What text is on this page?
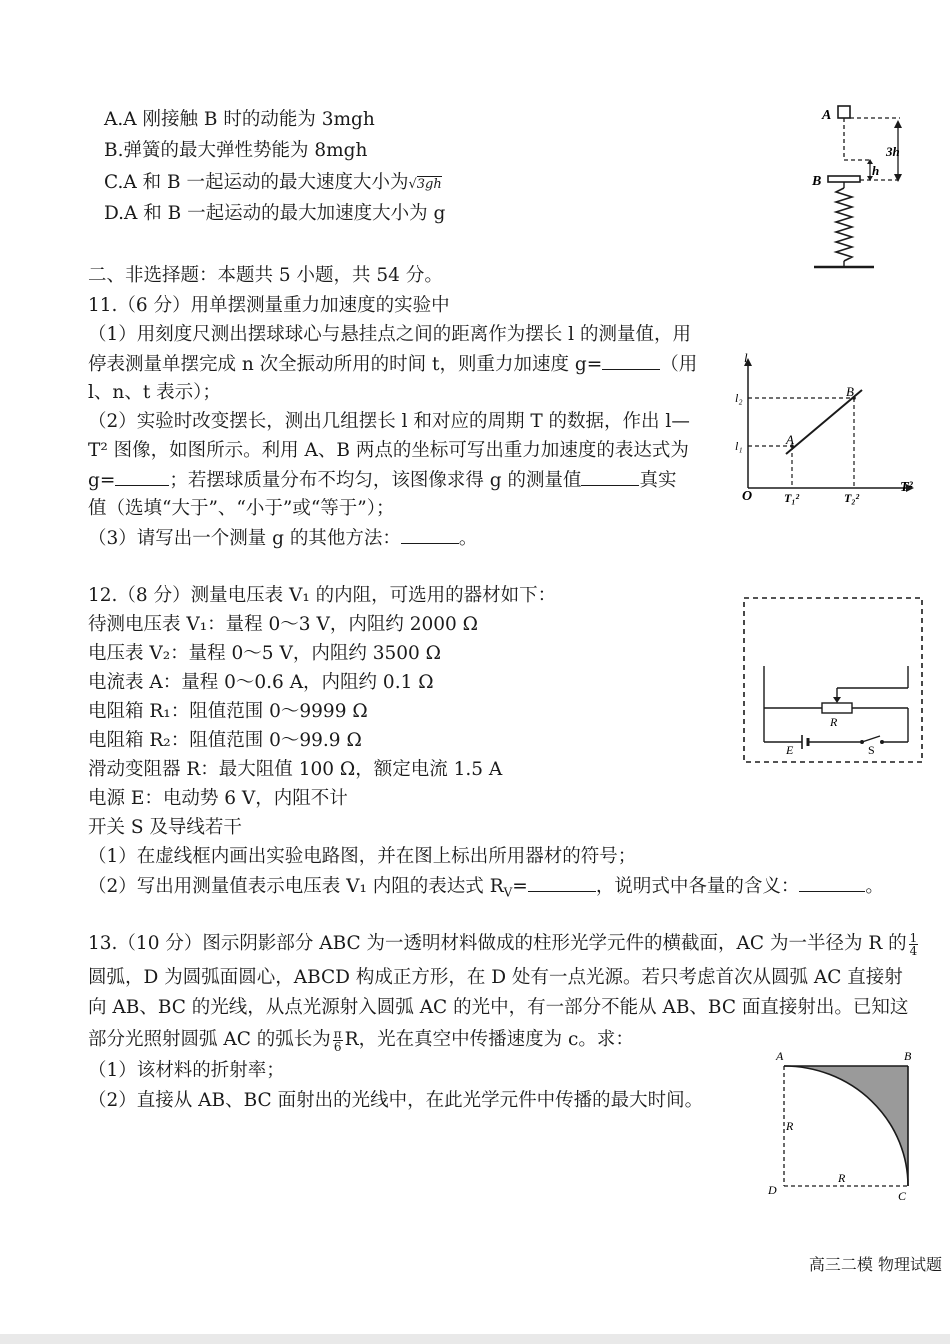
A.A 刚接触 B 时的动能为 3mgh
B.弹簧的最大弹性势能为 8mgh
C.A 和 B 一起运动的最大速度大小为√3gh
D.A 和 B 一起运动的最大加速度大小为 g
A
3h
h
B
二、非选择题：本题共 5 小题，共 54 分。
11.（6 分）用单摆测量重力加速度的实验中
（1）用刻度尺测出摆球球心与悬挂点之间的距离作为摆长 l 的测量值，用
停表测量单摆完成 n 次全振动所用的时间 t，则重力加速度 g=	（用
l、n、t 表示）；
（2）实验时改变摆长，测出几组摆长 l 和对应的周期 T 的数据，作出 l—
T² 图像，如图所示。利用 A、B 两点的坐标可写出重力加速度的表达式为
g=	；若摆球质量分布不均匀，该图像求得 g 的测量值	真实
值（选填“大于”、“小于”或“等于”）；
（3）请写出一个测量 g 的其他方法：	。
O
l
T²
A
B
l₂
l₁
T₁²	T₂²
12.（8 分）测量电压表 V₁ 的内阻，可选用的器材如下：
待测电压表 V₁：量程 0～3 V，内阻约 2000 Ω
电压表 V₂：量程 0～5 V，内阻约 3500 Ω
电流表 A：量程 0～0.6 A，内阻约 0.1 Ω
电阻箱 R₁：阻值范围 0～9999 Ω
电阻箱 R₂：阻值范围 0～99.9 Ω
滑动变阻器 R：最大阻值 100 Ω，额定电流 1.5 A
电源 E：电动势 6 V，内阻不计
开关 S 及导线若干
（1）在虚线框内画出实验电路图，并在图上标出所用器材的符号；
（2）写出用测量值表示电压表 V₁ 内阻的表达式 $R_V=$	，说明式中各量的含义：	。
R
E	S
13.（10 分）图示阴影部分 ABC 为一透明材料做成的柱形光学元件的横截面，AC 为一半径为 R 的 $\frac{1}{4}$
圆弧，D 为圆弧面圆心，ABCD 构成正方形，在 D 处有一点光源。若只考虑首次从圆弧 AC 直接射
向 AB、BC 的光线，从点光源射入圆弧 AC 的光中，有一部分不能从 AB、BC 面直接射出。已知这
部分光照射圆弧 AC 的弧长为 $\frac{\pi}{6}$ R，光在真空中传播速度为 c。求：
（1）该材料的折射率；
（2）直接从 AB、BC 面射出的光线中，在此光学元件中传播的最大时间。
A	B
C
D
R
R
高三二模 物理试题
